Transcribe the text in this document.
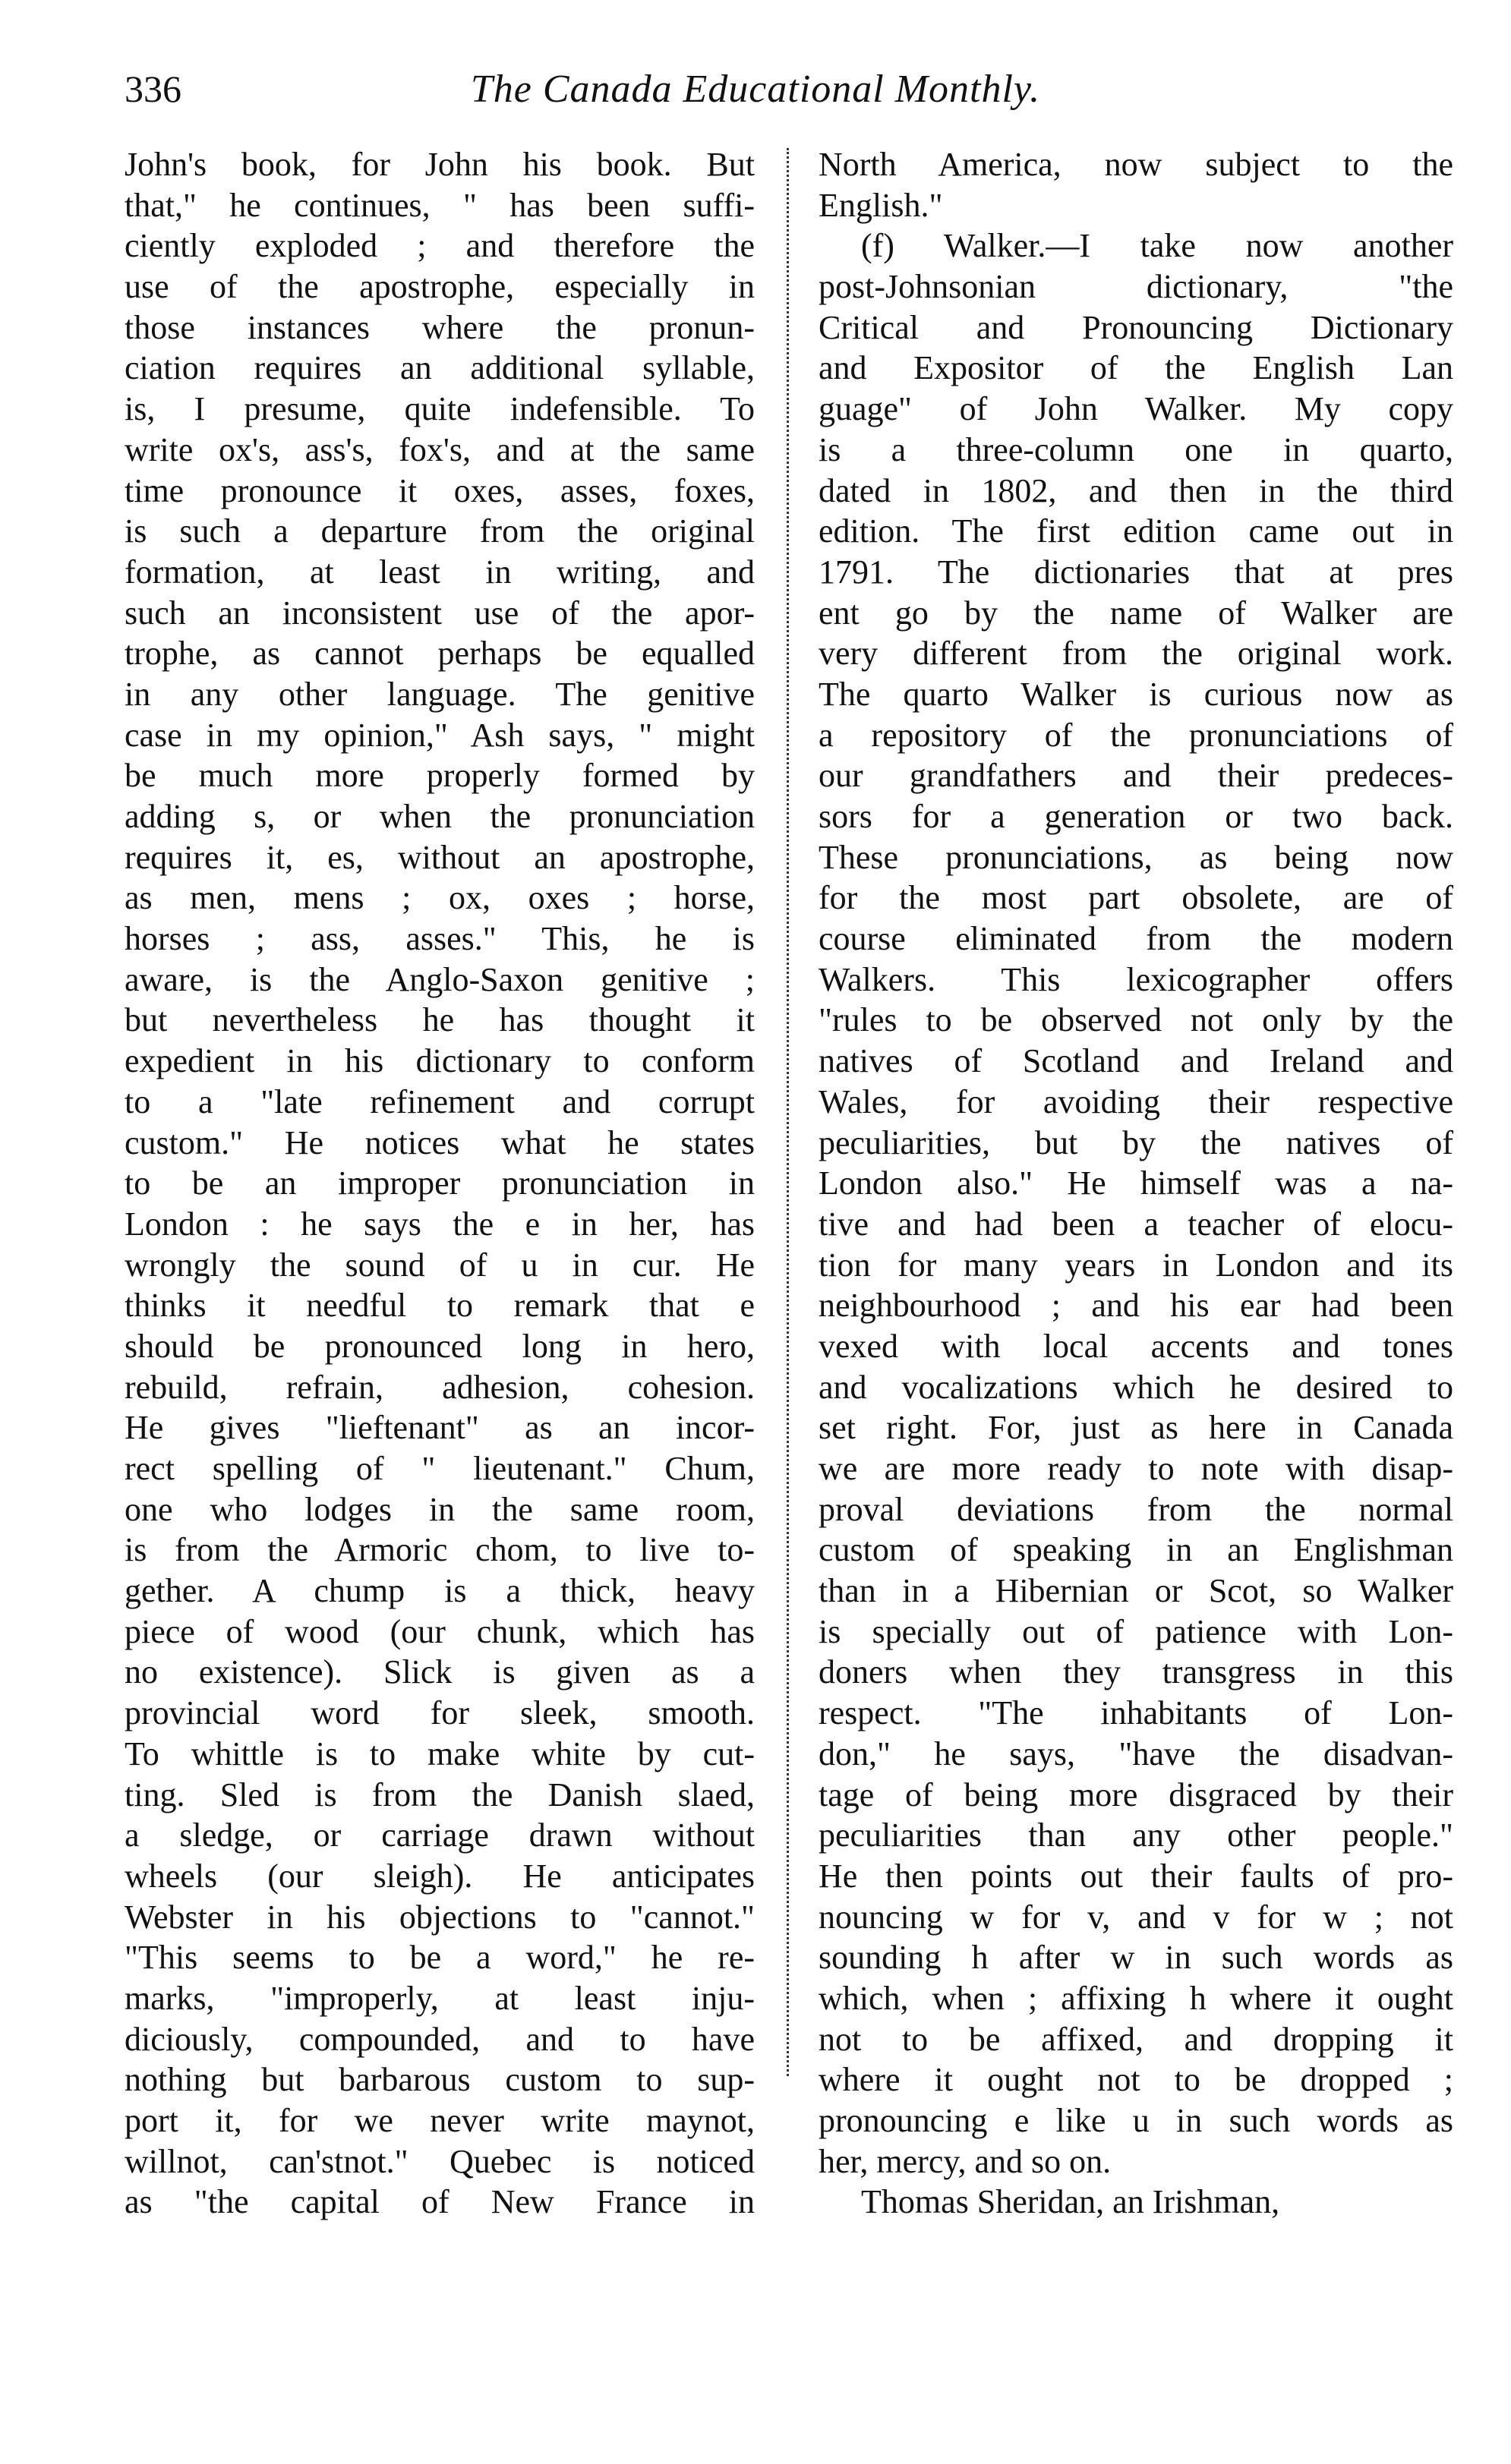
336	The Canada Educational Monthly.
John's book, for John his book. But
that," he continues, " has been suffi-
ciently exploded ; and therefore the
use of the apostrophe, especially in
those instances where the pronun-
ciation requires an additional syllable,
is, I presume, quite indefensible. To
write ox's, ass's, fox's, and at the same
time pronounce it oxes, asses, foxes,
is such a departure from the original
formation, at least in writing, and
such an inconsistent use of the apor-
trophe, as cannot perhaps be equalled
in any other language. The genitive
case in my opinion," Ash says, " might
be much more properly formed by
adding s, or when the pronunciation
requires it, es, without an apostrophe,
as men, mens ; ox, oxes ; horse,
horses ; ass, asses." This, he is
aware, is the Anglo-Saxon genitive ;
but nevertheless he has thought it
expedient in his dictionary to conform
to a "late refinement and corrupt
custom." He notices what he states
to be an improper pronunciation in
London : he says the e in her, has
wrongly the sound of u in cur. He
thinks it needful to remark that e
should be pronounced long in hero,
rebuild, refrain, adhesion, cohesion.
He gives "lieftenant" as an incor-
rect spelling of " lieutenant." Chum,
one who lodges in the same room,
is from the Armoric chom, to live to-
gether. A chump is a thick, heavy
piece of wood (our chunk, which has
no existence). Slick is given as a
provincial word for sleek, smooth.
To whittle is to make white by cut-
ting. Sled is from the Danish slaed,
a sledge, or carriage drawn without
wheels (our sleigh). He anticipates
Webster in his objections to "cannot."
"This seems to be a word," he re-
marks, "improperly, at least inju-
diciously, compounded, and to have
nothing but barbarous custom to sup-
port it, for we never write maynot,
willnot, can'stnot." Quebec is noticed
as "the capital of New France in
North America, now subject to the
English."
(f) Walker.—I take now another
post-Johnsonian dictionary, "the
Critical and Pronouncing Dictionary
and Expositor of the English Lan
guage" of John Walker. My copy
is a three-column one in quarto,
dated in 1802, and then in the third
edition. The first edition came out in
1791. The dictionaries that at pres
ent go by the name of Walker are
very different from the original work.
The quarto Walker is curious now as
a repository of the pronunciations of
our grandfathers and their predeces-
sors for a generation or two back.
These pronunciations, as being now
for the most part obsolete, are of
course eliminated from the modern
Walkers. This lexicographer offers
"rules to be observed not only by the
natives of Scotland and Ireland and
Wales, for avoiding their respective
peculiarities, but by the natives of
London also." He himself was a na-
tive and had been a teacher of elocu-
tion for many years in London and its
neighbourhood ; and his ear had been
vexed with local accents and tones
and vocalizations which he desired to
set right. For, just as here in Canada
we are more ready to note with disap-
proval deviations from the normal
custom of speaking in an Englishman
than in a Hibernian or Scot, so Walker
is specially out of patience with Lon-
doners when they transgress in this
respect. "The inhabitants of Lon-
don," he says, "have the disadvan-
tage of being more disgraced by their
peculiarities than any other people."
He then points out their faults of pro-
nouncing w for v, and v for w ; not
sounding h after w in such words as
which, when ; affixing h where it ought
not to be affixed, and dropping it
where it ought not to be dropped ;
pronouncing e like u in such words as
her, mercy, and so on.
Thomas Sheridan, an Irishman,
